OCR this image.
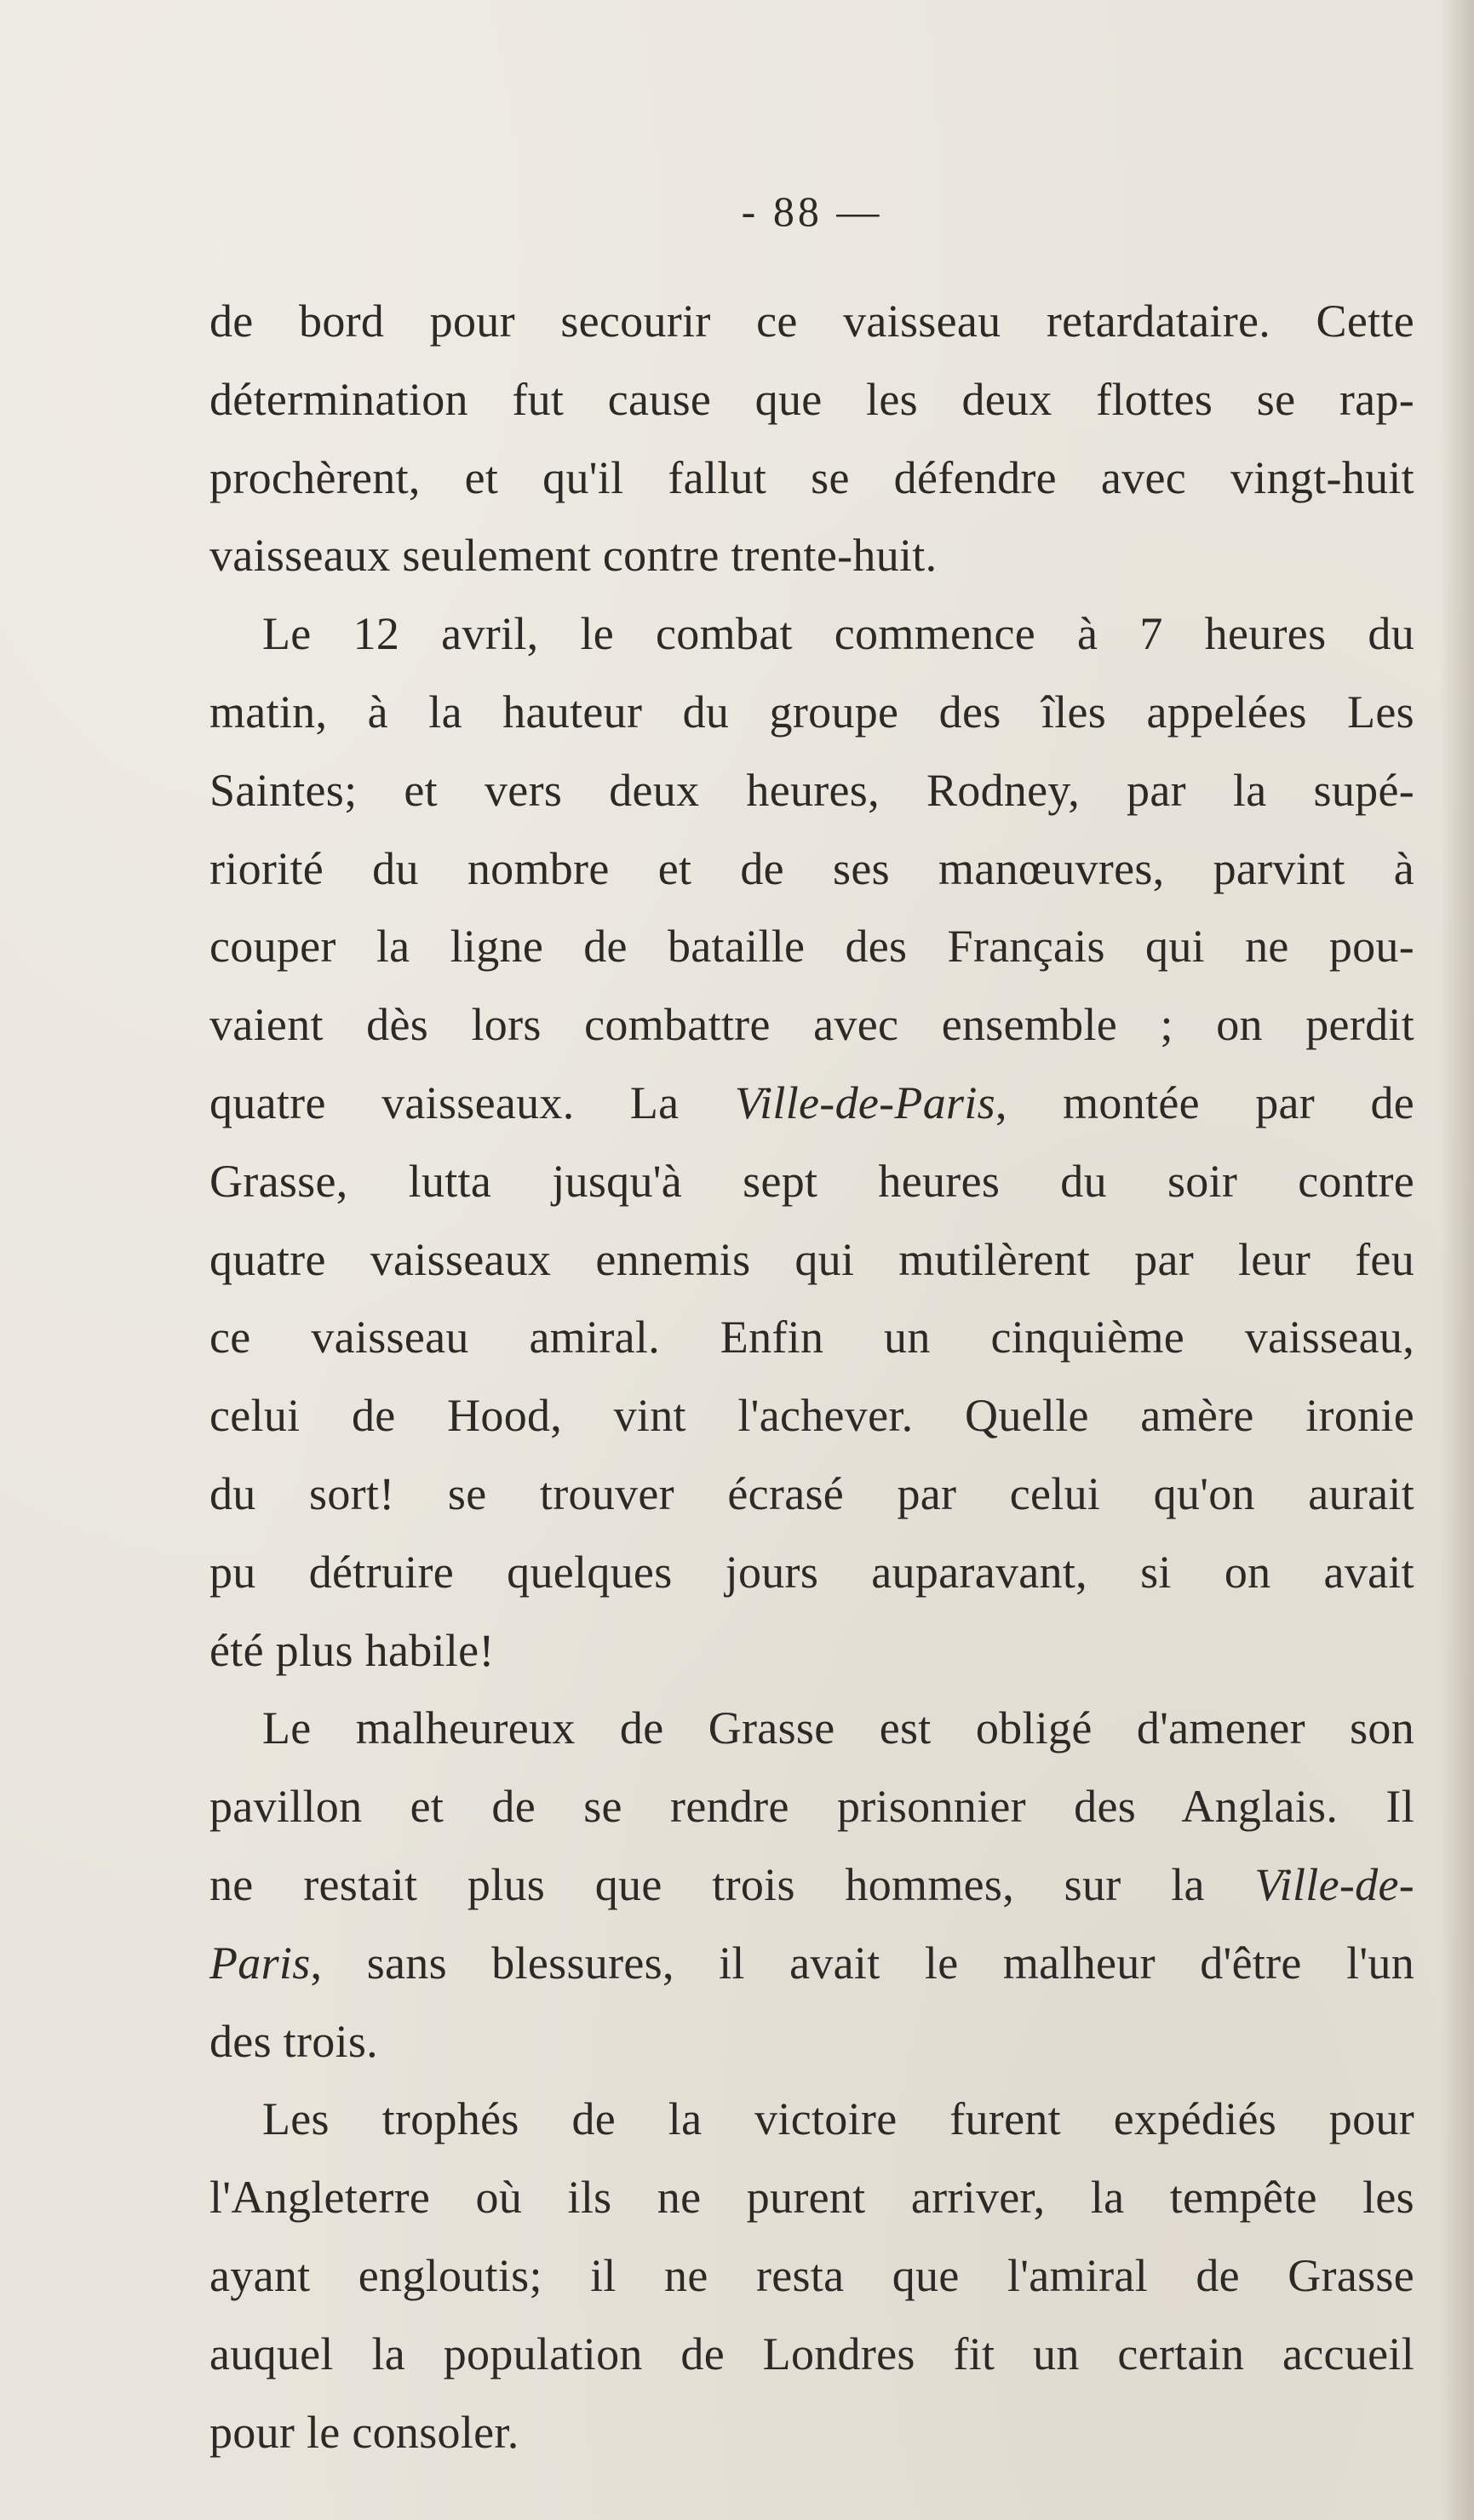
- 88 —
de bord pour secourir ce vaisseau retardataire. Cette
détermination fut cause que les deux flottes se rap-
prochèrent, et qu'il fallut se défendre avec vingt-huit
vaisseaux seulement contre trente-huit.
Le 12 avril, le combat commence à 7 heures du
matin, à la hauteur du groupe des îles appelées Les
Saintes; et vers deux heures, Rodney, par la supé-
riorité du nombre et de ses manœuvres, parvint à
couper la ligne de bataille des Français qui ne pou-
vaient dès lors combattre avec ensemble ; on perdit
quatre vaisseaux. La Ville-de-Paris, montée par de
Grasse, lutta jusqu'à sept heures du soir contre
quatre vaisseaux ennemis qui mutilèrent par leur feu
ce vaisseau amiral. Enfin un cinquième vaisseau,
celui de Hood, vint l'achever. Quelle amère ironie
du sort! se trouver écrasé par celui qu'on aurait
pu détruire quelques jours auparavant, si on avait
été plus habile!
Le malheureux de Grasse est obligé d'amener son
pavillon et de se rendre prisonnier des Anglais. Il
ne restait plus que trois hommes, sur la Ville-de-
Paris, sans blessures, il avait le malheur d'être l'un
des trois.
Les trophés de la victoire furent expédiés pour
l'Angleterre où ils ne purent arriver, la tempête les
ayant engloutis; il ne resta que l'amiral de Grasse
auquel la population de Londres fit un certain accueil
pour le consoler.
